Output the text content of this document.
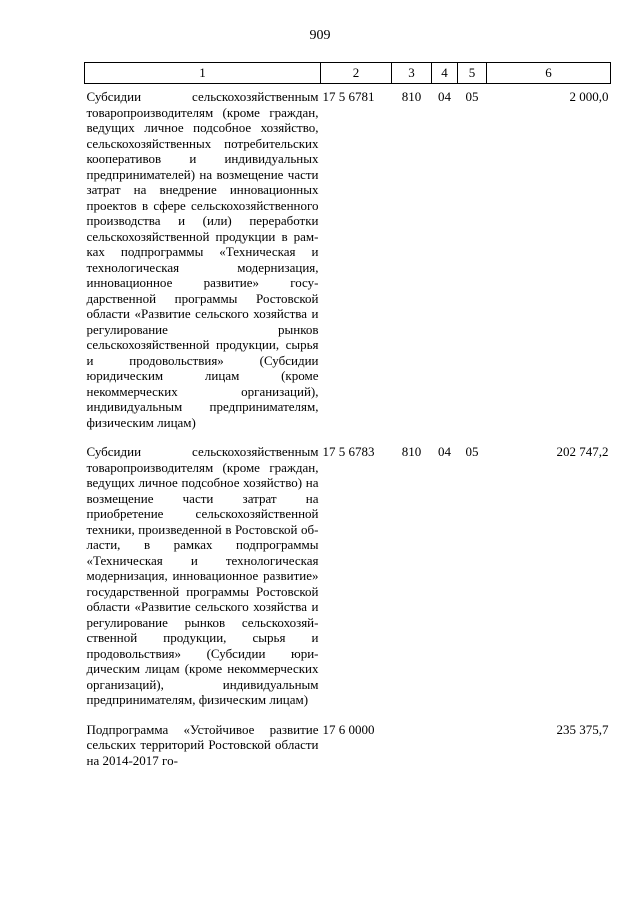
909
1	2	3	4	5	6
Субсидии сельскохозяйственным товаропроизводителям (кроме граждан, ведущих личное подсобное хозяйство, сельскохозяйственных потребительских кооперативов и индивидуальных предпринимателей) на возмещение части затрат на внедрение инновационных проектов в сфере сельскохозяйственного производства и (или) переработки сельскохозяйственной продукции в рамках подпрограммы «Техническая и технологическая модернизация, инновационное развитие» государственной программы Ростовской области «Развитие сельского хозяйства и регулирование рынков сельскохозяйственной продукции, сырья и продовольствия» (Субсидии юридическим лицам (кроме некоммерческих организаций), индивидуальным предпринимателям, физическим лицам)	17 5 6781	810	04	05	2 000,0
Субсидии сельскохозяйственным товаропроизводителям (кроме граждан, ведущих личное подсобное хозяйство) на возмещение части затрат на приобретение сельскохозяйственной техники, произведенной в Ростовской области, в рамках подпрограммы «Техническая и технологическая модернизация, инновационное развитие» государственной программы Ростовской области «Развитие сельского хозяйства и регулирование рынков сельскохозяйственной продукции, сырья и продовольствия» (Субсидии юридическим лицам (кроме некоммерческих организаций), индивидуальным предпринимателям, физическим лицам)	17 5 6783	810	04	05	202 747,2
Подпрограмма «Устойчивое развитие сельских территорий Ростовской области на 2014-2017 го-	17 6 0000				235 375,7
